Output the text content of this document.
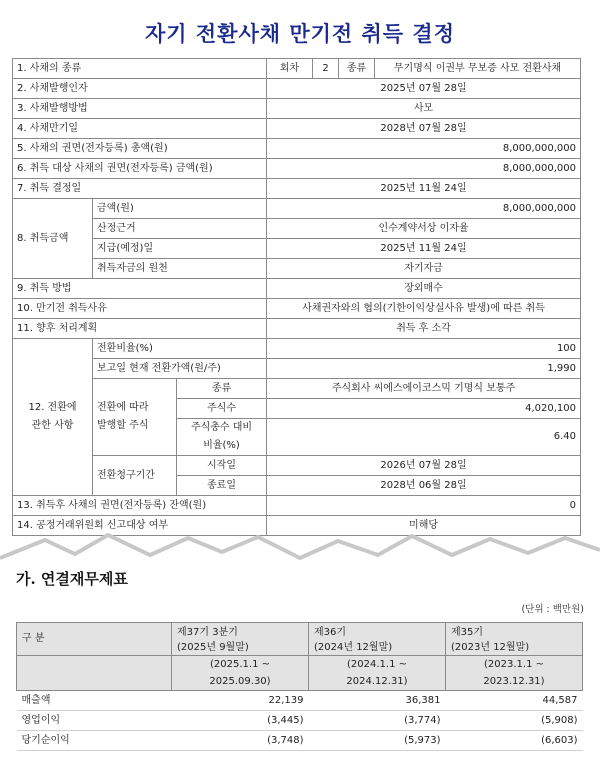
자기 전환사채 만기전 취득 결정
1. 사채의 종류			회차	2	종류	무기명식 이권부 무보증 사모 전환사채
2. 사채발행인자			2025년 07월 28일			
3. 사채발행방법			사모			
4. 사채만기일			2028년 07월 28일			
5. 사채의 권면(전자등록) 총액(원)			8,000,000,000			
6. 취득 대상 사채의 권면(전자등록) 금액(원)			8,000,000,000			
7. 취득 결정일			2025년 11월 24일			
8. 취득금액	금액(원)		8,000,000,000			
	산정근거		인수계약서상 이자율			
	지급(예정)일		2025년 11월 24일			
	취득자금의 원천		자기자금			
9. 취득 방법			장외매수			
10. 만기전 취득사유			사채권자와의 협의(기한이익상실사유 발생)에 따른 취득			
11. 향후 처리계획			취득 후 소각			
12. 전환에
관한 사항	전환비율(%)		100			
	보고일 현재 전환가액(원/주)		1,990			
	전환에 따라
발행할 주식	종류	주식회사 씨에스에이코스믹 기명식 보통주			
		주식수	4,020,100			
		주식총수 대비
비율(%)	6.40			

	전환청구기간	시작일	2026년 07월 28일			
		종료일	2028년 06월 28일			
13. 취득후 사채의 권면(전자등록) 잔액(원)			0			
14. 공정거래위원회 신고대상 여부			미해당			
가. 연결재무제표
(단위 : 백만원)
구 분	제37기 3분기
(2025년 9월말)	제36기
(2024년 12월말)	제35기
(2023년 12월말)
	(2025.1.1 ~
2025.09.30)	(2024.1.1 ~
2024.12.31)	(2023.1.1 ~
2023.12.31)
매출액	22,139	36,381	44,587
영업이익	(3,445)	(3,774)	(5,908)
당기순이익	(3,748)	(5,973)	(6,603)
